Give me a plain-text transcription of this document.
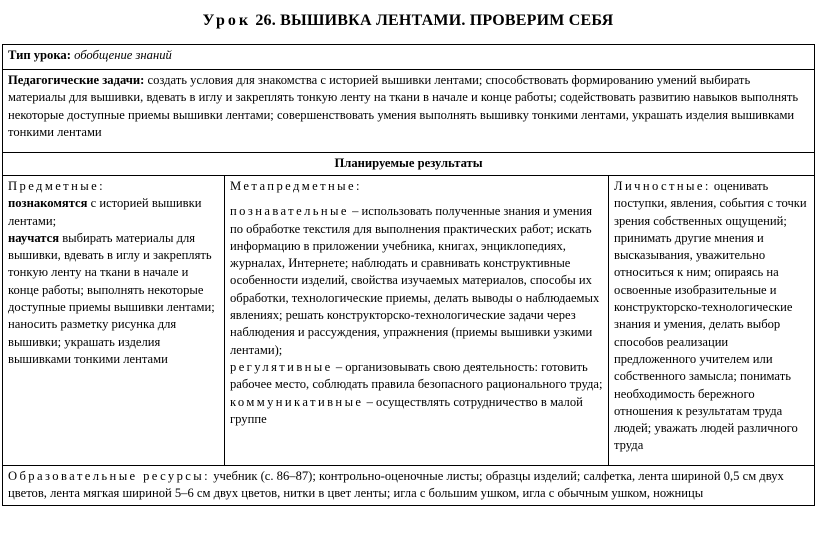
Урок 26. ВЫШИВКА ЛЕНТАМИ. ПРОВЕРИМ СЕБЯ
Тип урока: обобщение знаний
Педагогические задачи: создать условия для знакомства с историей вышивки лентами; способствовать формированию умений выбирать материалы для вышивки, вдевать в иглу и закреплять тонкую ленту на ткани в начале и конце работы; содействовать развитию навыков выполнять некоторые доступные приемы вышивки лентами; совершенствовать умения выполнять вышивку тонкими лентами, украшать изделия вышивками тонкими лентами
Планируемые результаты
Предметные:
познакомятся с историей вышивки лентами;
научатся выбирать материалы для вышивки, вдевать в иглу и закреплять тонкую ленту на ткани в начале и конце работы; выполнять некоторые доступные приемы вышивки лентами; наносить разметку рисунка для вышивки; украшать изделия вышивками тонкими лентами	Метапредметные:
познавательные – использовать полученные знания и умения по обработке текстиля для выполнения практических работ; искать информацию в приложении учебника, книгах, энциклопедиях, журналах, Интернете; наблюдать и сравнивать конструктивные особенности изделий, свойства изучаемых материалов, способы их обработки, технологические приемы, делать выводы о наблюдаемых явлениях; решать конструкторско-технологические задачи через наблюдения и рассуждения, упражнения (приемы вышивки узкими лентами);
регулятивные – организовывать свою деятельность: готовить рабочее место, соблюдать правила безопасного рационального труда;
коммуникативные – осуществлять сотрудничество в малой группе	Личностные: оценивать поступки, явления, события с точки зрения собственных ощущений; принимать другие мнения и высказывания, уважительно относиться к ним; опираясь на освоенные изобразительные и конструкторско-технологические знания и умения, делать выбор способов реализации предложенного учителем или собственного замысла; понимать необходимость бережного отношения к результатам труда людей; уважать людей различного труда
Образовательные ресурсы: учебник (с. 86–87); контрольно-оценочные листы; образцы изделий; салфетка, лента шириной 0,5 см двух цветов, лента мягкая шириной 5–6 см двух цветов, нитки в цвет ленты; игла с большим ушком, игла с обычным ушком, ножницы
